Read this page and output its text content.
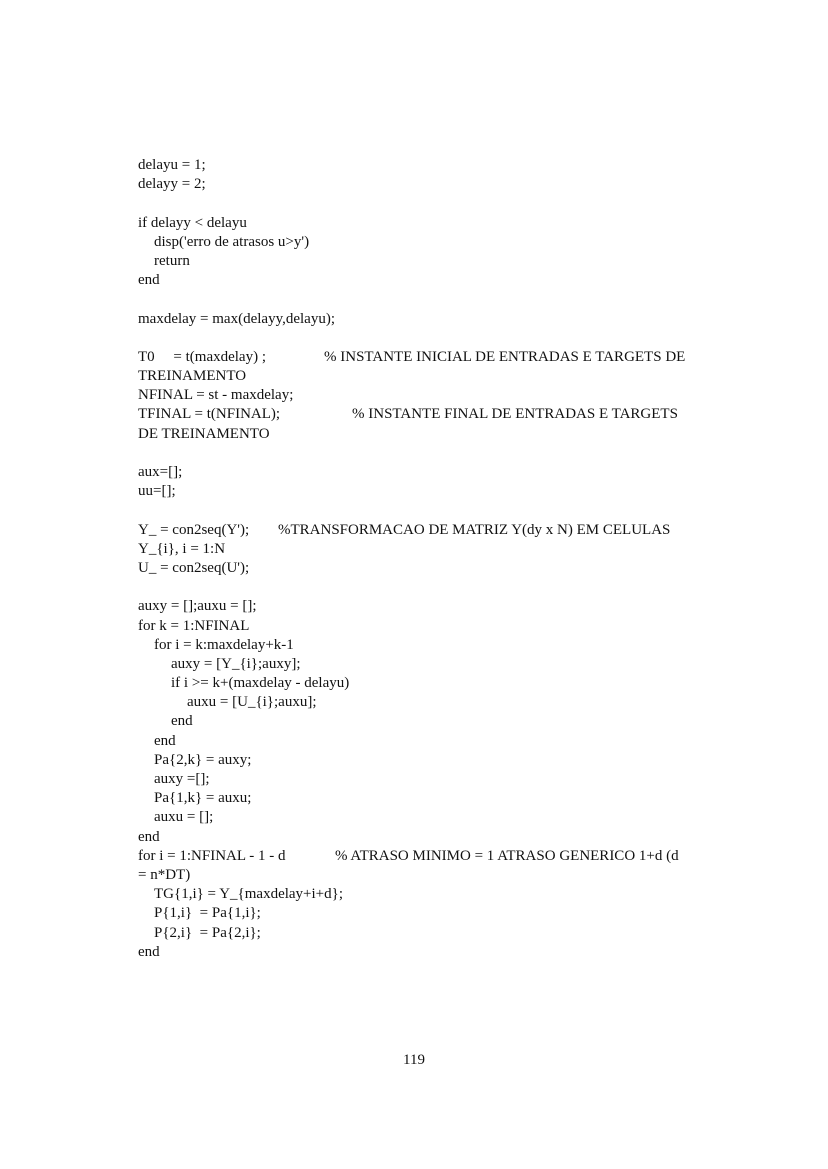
delayu = 1;
delayy = 2;
if delayy < delayu
disp('erro de atrasos u>y')
return
end
maxdelay = max(delayy,delayu);
T0     = t(maxdelay) ;	% INSTANTE INICIAL DE ENTRADAS E TARGETS DE
TREINAMENTO
NFINAL = st - maxdelay;
TFINAL = t(NFINAL);	% INSTANTE FINAL DE ENTRADAS E TARGETS
DE TREINAMENTO
aux=[];
uu=[];
Y_ = con2seq(Y'); %TRANSFORMACAO DE MATRIZ Y(dy x N) EM CELULAS
Y_{i}, i = 1:N
U_ = con2seq(U');
auxy = [];auxu = [];
for k = 1:NFINAL
for i = k:maxdelay+k-1
auxy = [Y_{i};auxy];
if i >= k+(maxdelay - delayu)
auxu = [U_{i};auxu];
end
end
Pa{2,k} = auxy;
auxy =[];
Pa{1,k} = auxu;
auxu = [];
end
for i = 1:NFINAL - 1 - d	% ATRASO MINIMO = 1 ATRASO GENERICO 1+d (d
= n*DT)
TG{1,i} = Y_{maxdelay+i+d};
P{1,i}  = Pa{1,i};
P{2,i}  = Pa{2,i};
end
119
